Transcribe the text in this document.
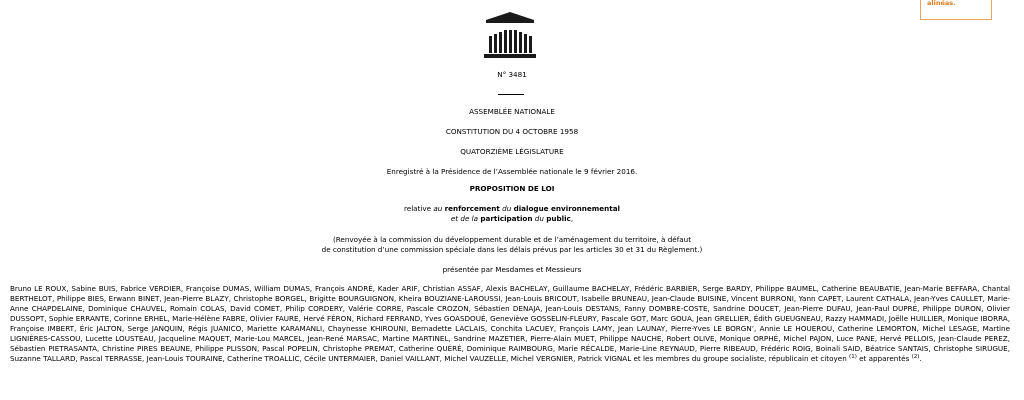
alinéas.
N° 3481
ASSEMBLÉE NATIONALE
CONSTITUTION DU 4 OCTOBRE 1958
QUATORZIÈME LÉGISLATURE
Enregistré à la Présidence de l’Assemblée nationale le 9 février 2016.
PROPOSITION DE LOI
relative au renforcement du dialogue environnemental
et de la participation du public,
(Renvoyée à la commission du développement durable et de l’aménagement du territoire, à défaut
de constitution d’une commission spéciale dans les délais prévus par les articles 30 et 31 du Règlement.)
présentée par Mesdames et Messieurs
Bruno LE ROUX, Sabine BUIS, Fabrice VERDIER, Françoise DUMAS, William DUMAS, François ANDRÉ, Kader ARIF, Christian ASSAF, Alexis BACHELAY, Guillaume BACHELAY, Frédéric BARBIER, Serge BARDY, Philippe BAUMEL, Catherine BEAUBATIE, Jean-Marie BEFFARA, Chantal BERTHELOT, Philippe BIES, Erwann BINET, Jean-Pierre BLAZY, Christophe BORGEL, Brigitte BOURGUIGNON, Kheira BOUZIANE-LAROUSSI, Jean-Louis BRICOUT, Isabelle BRUNEAU, Jean-Claude BUISINE, Vincent BURRONI, Yann CAPET, Laurent CATHALA, Jean-Yves CAULLET, Marie-Anne CHAPDELAINE, Dominique CHAUVEL, Romain COLAS, David COMET, Philip CORDERY, Valérie CORRE, Pascale CROZON, Sébastien DENAJA, Jean-Louis DESTANS, Fanny DOMBRE-COSTE, Sandrine DOUCET, Jean-Pierre DUFAU, Jean-Paul DUPRÉ, Philippe DURON, Olivier DUSSOPT, Sophie ERRANTE, Corinne ERHEL, Marie-Hélène FABRE, Olivier FAURE, Hervé FÉRON, Richard FERRAND, Yves GOASDOUÉ, Geneviève GOSSELIN-FLEURY, Pascale GOT, Marc GOUA, Jean GRELLIER, Édith GUEUGNEAU, Razzy HAMMADI, Joëlle HUILLIER, Monique IBORRA, Françoise IMBERT, Éric JALTON, Serge JANQUIN, Régis JUANICO, Mariette KARAMANLI, Chaynesse KHIROUNI, Bernadette LACLAIS, Conchita LACUEY, François LAMY, Jean LAUNAY, Pierre-Yves LE BORGN’, Annie LE HOUEROU, Catherine LEMORTON, Michel LESAGE, Martine LIGNIÈRES-CASSOU, Lucette LOUSTEAU, Jacqueline MAQUET, Marie-Lou MARCEL, Jean-René MARSAC, Martine MARTINEL, Sandrine MAZETIER, Pierre-Alain MUET, Philippe NAUCHE, Robert OLIVE, Monique ORPHÉ, Michel PAJON, Luce PANE, Hervé PELLOIS, Jean-Claude PEREZ, Sébastien PIETRASANTA, Christine PIRES BEAUNE, Philippe PLISSON, Pascal POPELIN, Christophe PREMAT, Catherine QUÉRÉ, Dominique RAIMBOURG, Marie RÉCALDE, Marie-Line REYNAUD, Pierre RIBEAUD, Frédéric ROIG, Boinali SAID, Béatrice SANTAIS, Christophe SIRUGUE, Suzanne TALLARD, Pascal TERRASSE, Jean-Louis TOURAINE, Catherine TROALLIC, Cécile UNTERMAIER, Daniel VAILLANT, Michel VAUZELLE, Michel VERGNIER, Patrick VIGNAL et les membres du groupe socialiste, républicain et citoyen $^{(1)}$ et apparentés $^{(2)}$.
